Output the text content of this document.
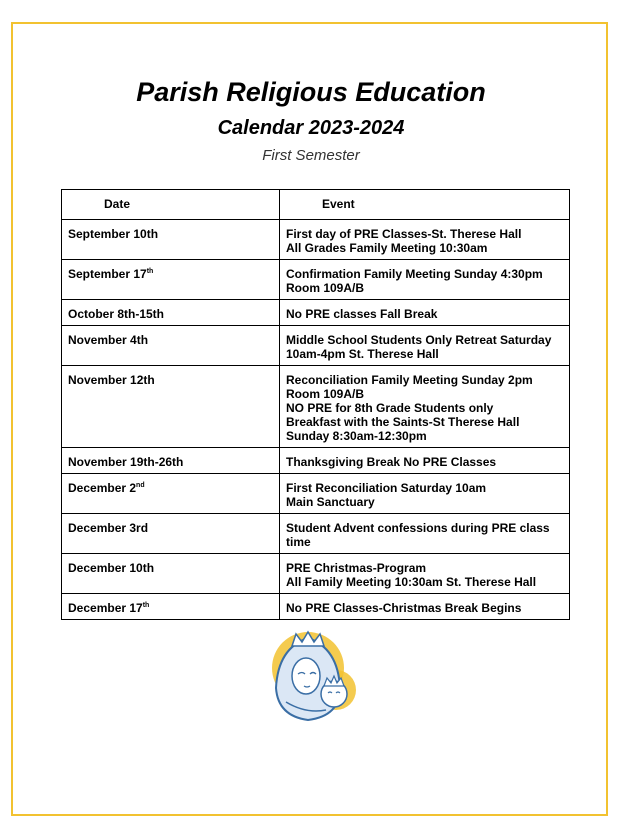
Parish Religious Education
Calendar 2023-2024
First Semester
Date	Event
September 10th	First day of PRE Classes-St. Therese Hall
All Grades Family Meeting 10:30am

September 17th	Confirmation Family Meeting Sunday 4:30pm
Room 109A/B

October 8th-15th	No PRE classes Fall Break

November 4th	Middle School Students Only Retreat Saturday
10am-4pm St. Therese Hall

November 12th	Reconciliation Family Meeting Sunday 2pm
Room 109A/B
NO PRE for 8th Grade Students only
Breakfast with the Saints-St Therese Hall
Sunday 8:30am-12:30pm

November 19th-26th	Thanksgiving Break No PRE Classes

December 2nd	First Reconciliation Saturday 10am
Main Sanctuary

December 3rd	Student Advent confessions during PRE class
time

December 10th	PRE Christmas-Program
All Family Meeting 10:30am St. Therese Hall

December 17th	No PRE Classes-Christmas Break Begins
